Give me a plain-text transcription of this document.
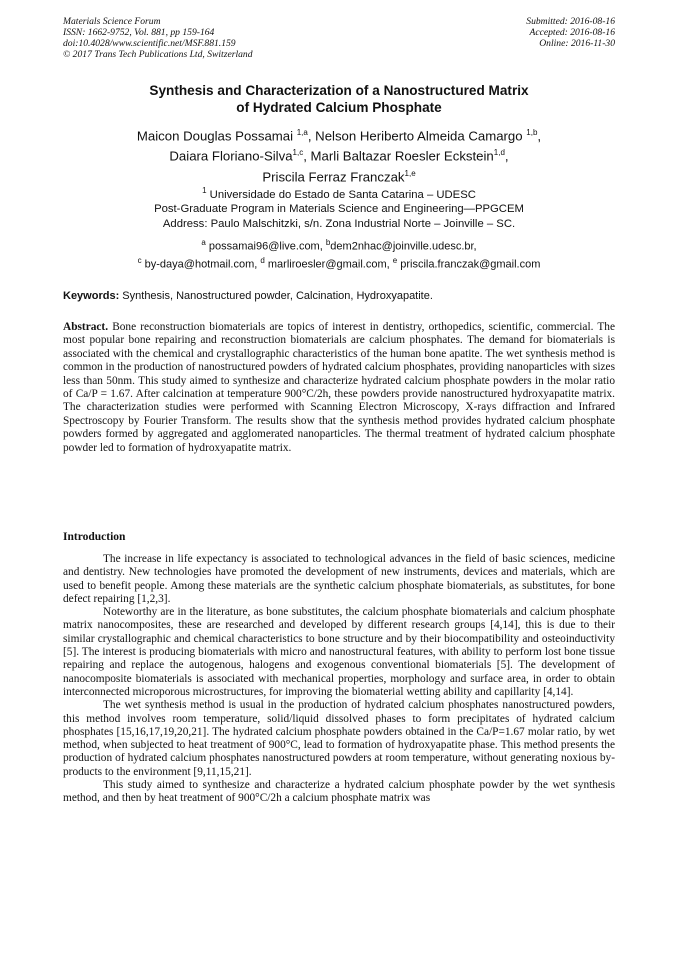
Materials Science Forum
ISSN: 1662-9752, Vol. 881, pp 159-164
doi:10.4028/www.scientific.net/MSF.881.159
© 2017 Trans Tech Publications Ltd, Switzerland
Submitted: 2016-08-16
Accepted: 2016-08-16
Online: 2016-11-30
Synthesis and Characterization of a Nanostructured Matrix
of Hydrated Calcium Phosphate
Maicon Douglas Possamai $^{1,a}$, Nelson Heriberto Almeida Camargo $^{1,b}$,
Daiara Floriano-Silva$^{1,c}$, Marli Baltazar Roesler Eckstein$^{1,d}$,
Priscila Ferraz Franczak$^{1,e}$
$^1$ Universidade do Estado de Santa Catarina – UDESC
Post-Graduate Program in Materials Science and Engineering—PPGCEM
Address: Paulo Malschitzki, s/n. Zona Industrial Norte – Joinville – SC.
$^a$ possamai96@live.com, $^b$dem2nhac@joinville.udesc.br,
$^c$ by-daya@hotmail.com, $^d$ marliroesler@gmail.com, $^e$ priscila.franczak@gmail.com
Keywords: Synthesis, Nanostructured powder, Calcination, Hydroxyapatite.
Abstract. Bone reconstruction biomaterials are topics of interest in dentistry, orthopedics, scientific, commercial. The most popular bone repairing and reconstruction biomaterials are calcium phosphates. The demand for biomaterials is associated with the chemical and crystallographic characteristics of the human bone apatite. The wet synthesis method is common in the production of nanostructured powders of hydrated calcium phosphates, providing nanoparticles with sizes less than 50nm. This study aimed to synthesize and characterize hydrated calcium phosphate powders in the molar ratio of Ca/P = 1.67. After calcination at temperature 900°C/2h, these powders provide nanostructured hydroxyapatite matrix. The characterization studies were performed with Scanning Electron Microscopy, X-rays diffraction and Infrared Spectroscopy by Fourier Transform. The results show that the synthesis method provides hydrated calcium phosphate powders formed by aggregated and agglomerated nanoparticles. The thermal treatment of hydrated calcium phosphate powder led to formation of hydroxyapatite matrix.
Introduction

The increase in life expectancy is associated to technological advances in the field of basic sciences, medicine and dentistry. New technologies have promoted the development of new instruments, devices and materials, which are used to benefit people. Among these materials are the synthetic calcium phosphate biomaterials, as substitutes, for bone defect repairing [1,2,3].

Noteworthy are in the literature, as bone substitutes, the calcium phosphate biomaterials and calcium phosphate matrix nanocomposites, these are researched and developed by different research groups [4,14], this is due to their similar crystallographic and chemical characteristics to bone structure and by their biocompatibility and osteoinductivity [5]. The interest is producing biomaterials with micro and nanostructural features, with ability to perform lost bone tissue repairing and replace the autogenous, halogens and exogenous conventional biomaterials [5]. The development of nanocomposite biomaterials is associated with mechanical properties, morphology and surface area, in order to obtain interconnected microporous microstructures, for improving the biomaterial wetting ability and capillarity [4,14].

The wet synthesis method is usual in the production of hydrated calcium phosphates nanostructured powders, this method involves room temperature, solid/liquid dissolved phases to form precipitates of hydrated calcium phosphates [15,16,17,19,20,21]. The hydrated calcium phosphate powders obtained in the Ca/P=1.67 molar ratio, by wet method, when subjected to heat treatment of 900°C, lead to formation of hydroxyapatite phase. This method presents the production of hydrated calcium phosphates nanostructured powders at room temperature, without generating noxious by-products to the environment [9,11,15,21].

This study aimed to synthesize and characterize a hydrated calcium phosphate powder by the wet synthesis method, and then by heat treatment of 900°C/2h a calcium phosphate matrix was
